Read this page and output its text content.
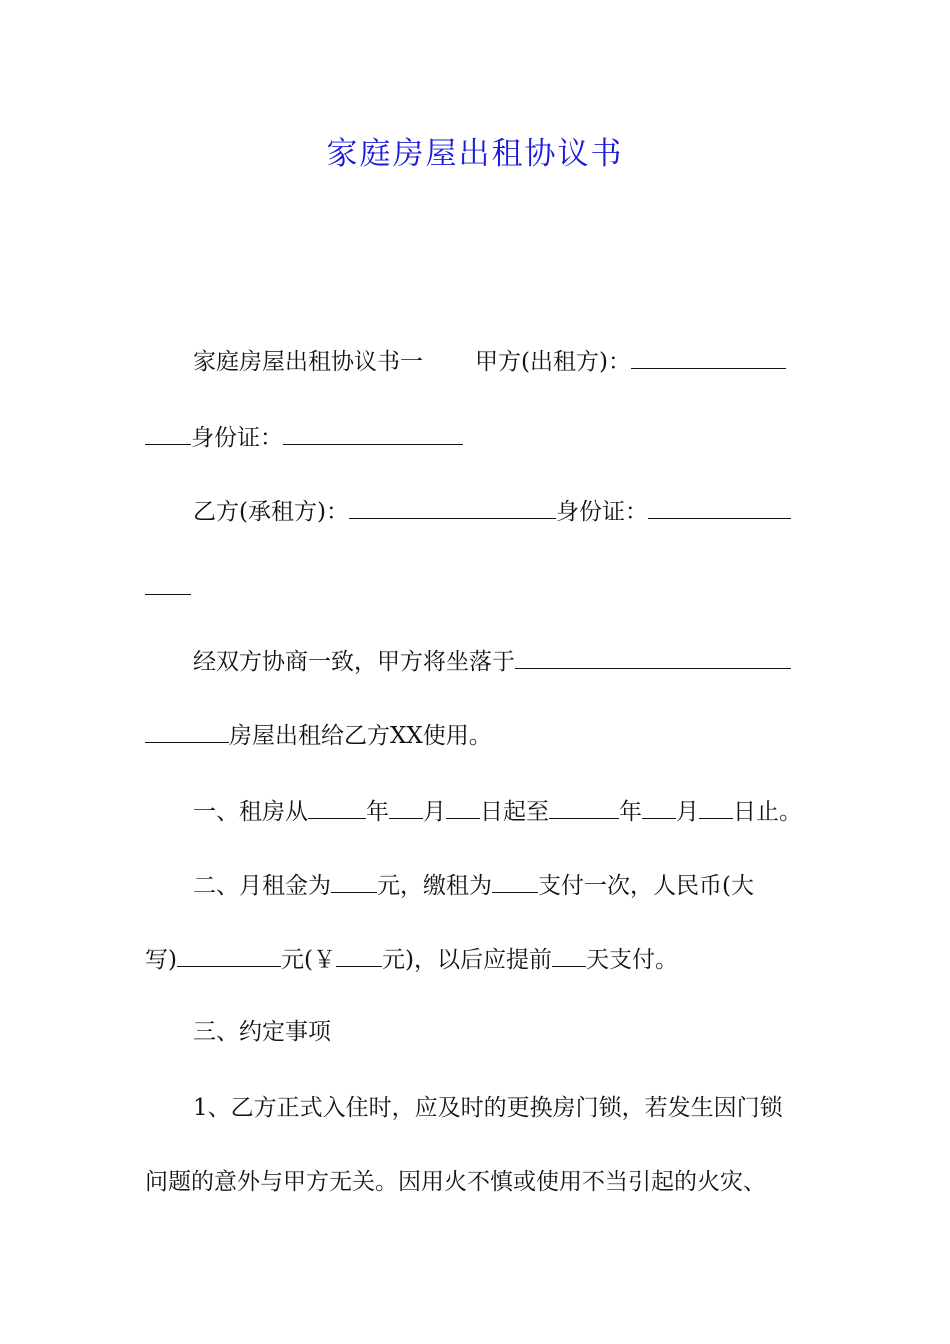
家庭房屋出租协议书
家庭房屋出租协议书一 甲方(出租方)：
身份证：
乙方(承租方)：	身份证：
经双方协商一致，甲方将坐落于
房屋出租给乙方XX使用。
一、租房从	年 月 日起至	年 月 日止。
二、月租金为 元，缴租为 支付一次，人民币(大
写)	元(￥ 元)，以后应提前 天支付。
三、约定事项
1、乙方正式入住时，应及时的更换房门锁，若发生因门锁
问题的意外与甲方无关。因用火不慎或使用不当引起的火灾、
